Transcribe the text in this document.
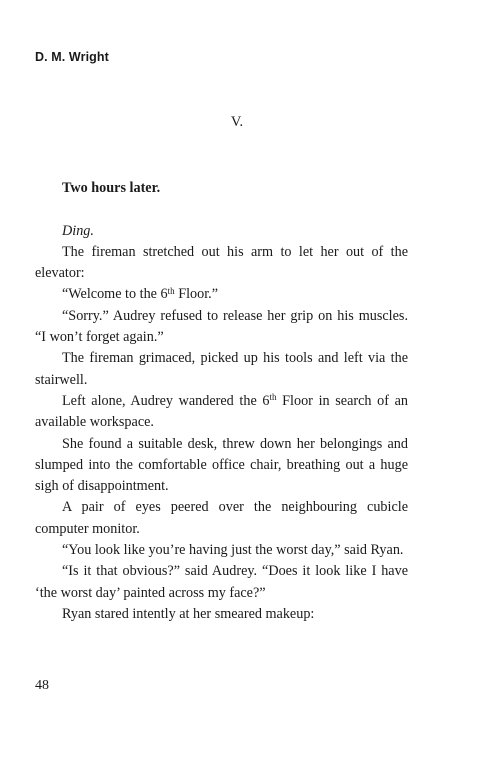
D. M. Wright
V.

Two hours later.

Ding.

The fireman stretched out his arm to let her out of the elevator:

“Welcome to the 6th Floor.”

“Sorry.” Audrey refused to release her grip on his muscles. “I won’t forget again.”

The fireman grimaced, picked up his tools and left via the stairwell.

Left alone, Audrey wandered the 6th Floor in search of an available workspace.

She found a suitable desk, threw down her belongings and slumped into the comfortable office chair, breathing out a huge sigh of disappointment.

A pair of eyes peered over the neighbouring cubicle computer monitor.

“You look like you’re having just the worst day,” said Ryan.

“Is it that obvious?” said Audrey. “Does it look like I have ‘the worst day’ painted across my face?”

Ryan stared intently at her smeared makeup:

48
